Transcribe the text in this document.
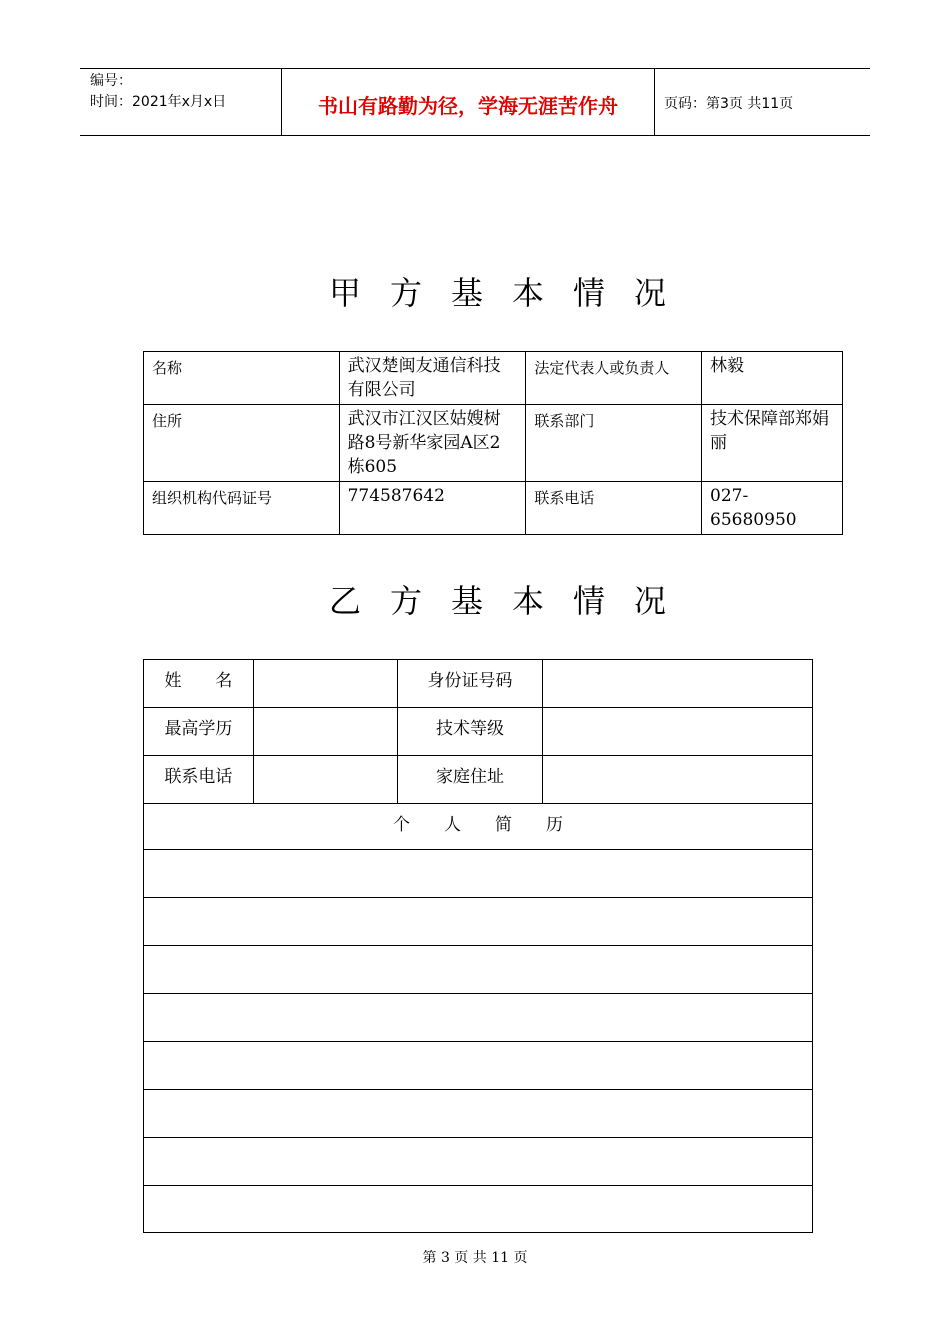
编号：
时间：2021年x月x日	书山有路勤为径，学海无涯苦作舟	页码：第3页 共11页
甲方基本情况
名称	武汉楚闽友通信科技有限公司	法定代表人或负责人	林毅
住所	武汉市江汉区姑嫂树路8号新华家园A区2栋605	联系部门	技术保障部郑娟丽
组织机构代码证号	774587642	联系电话	027-65680950
乙方基本情况
姓　　名		身份证号码	
最高学历		技术等级	
联系电话		家庭住址	
个　　人　　简　　历			

第 3 页 共 11 页
